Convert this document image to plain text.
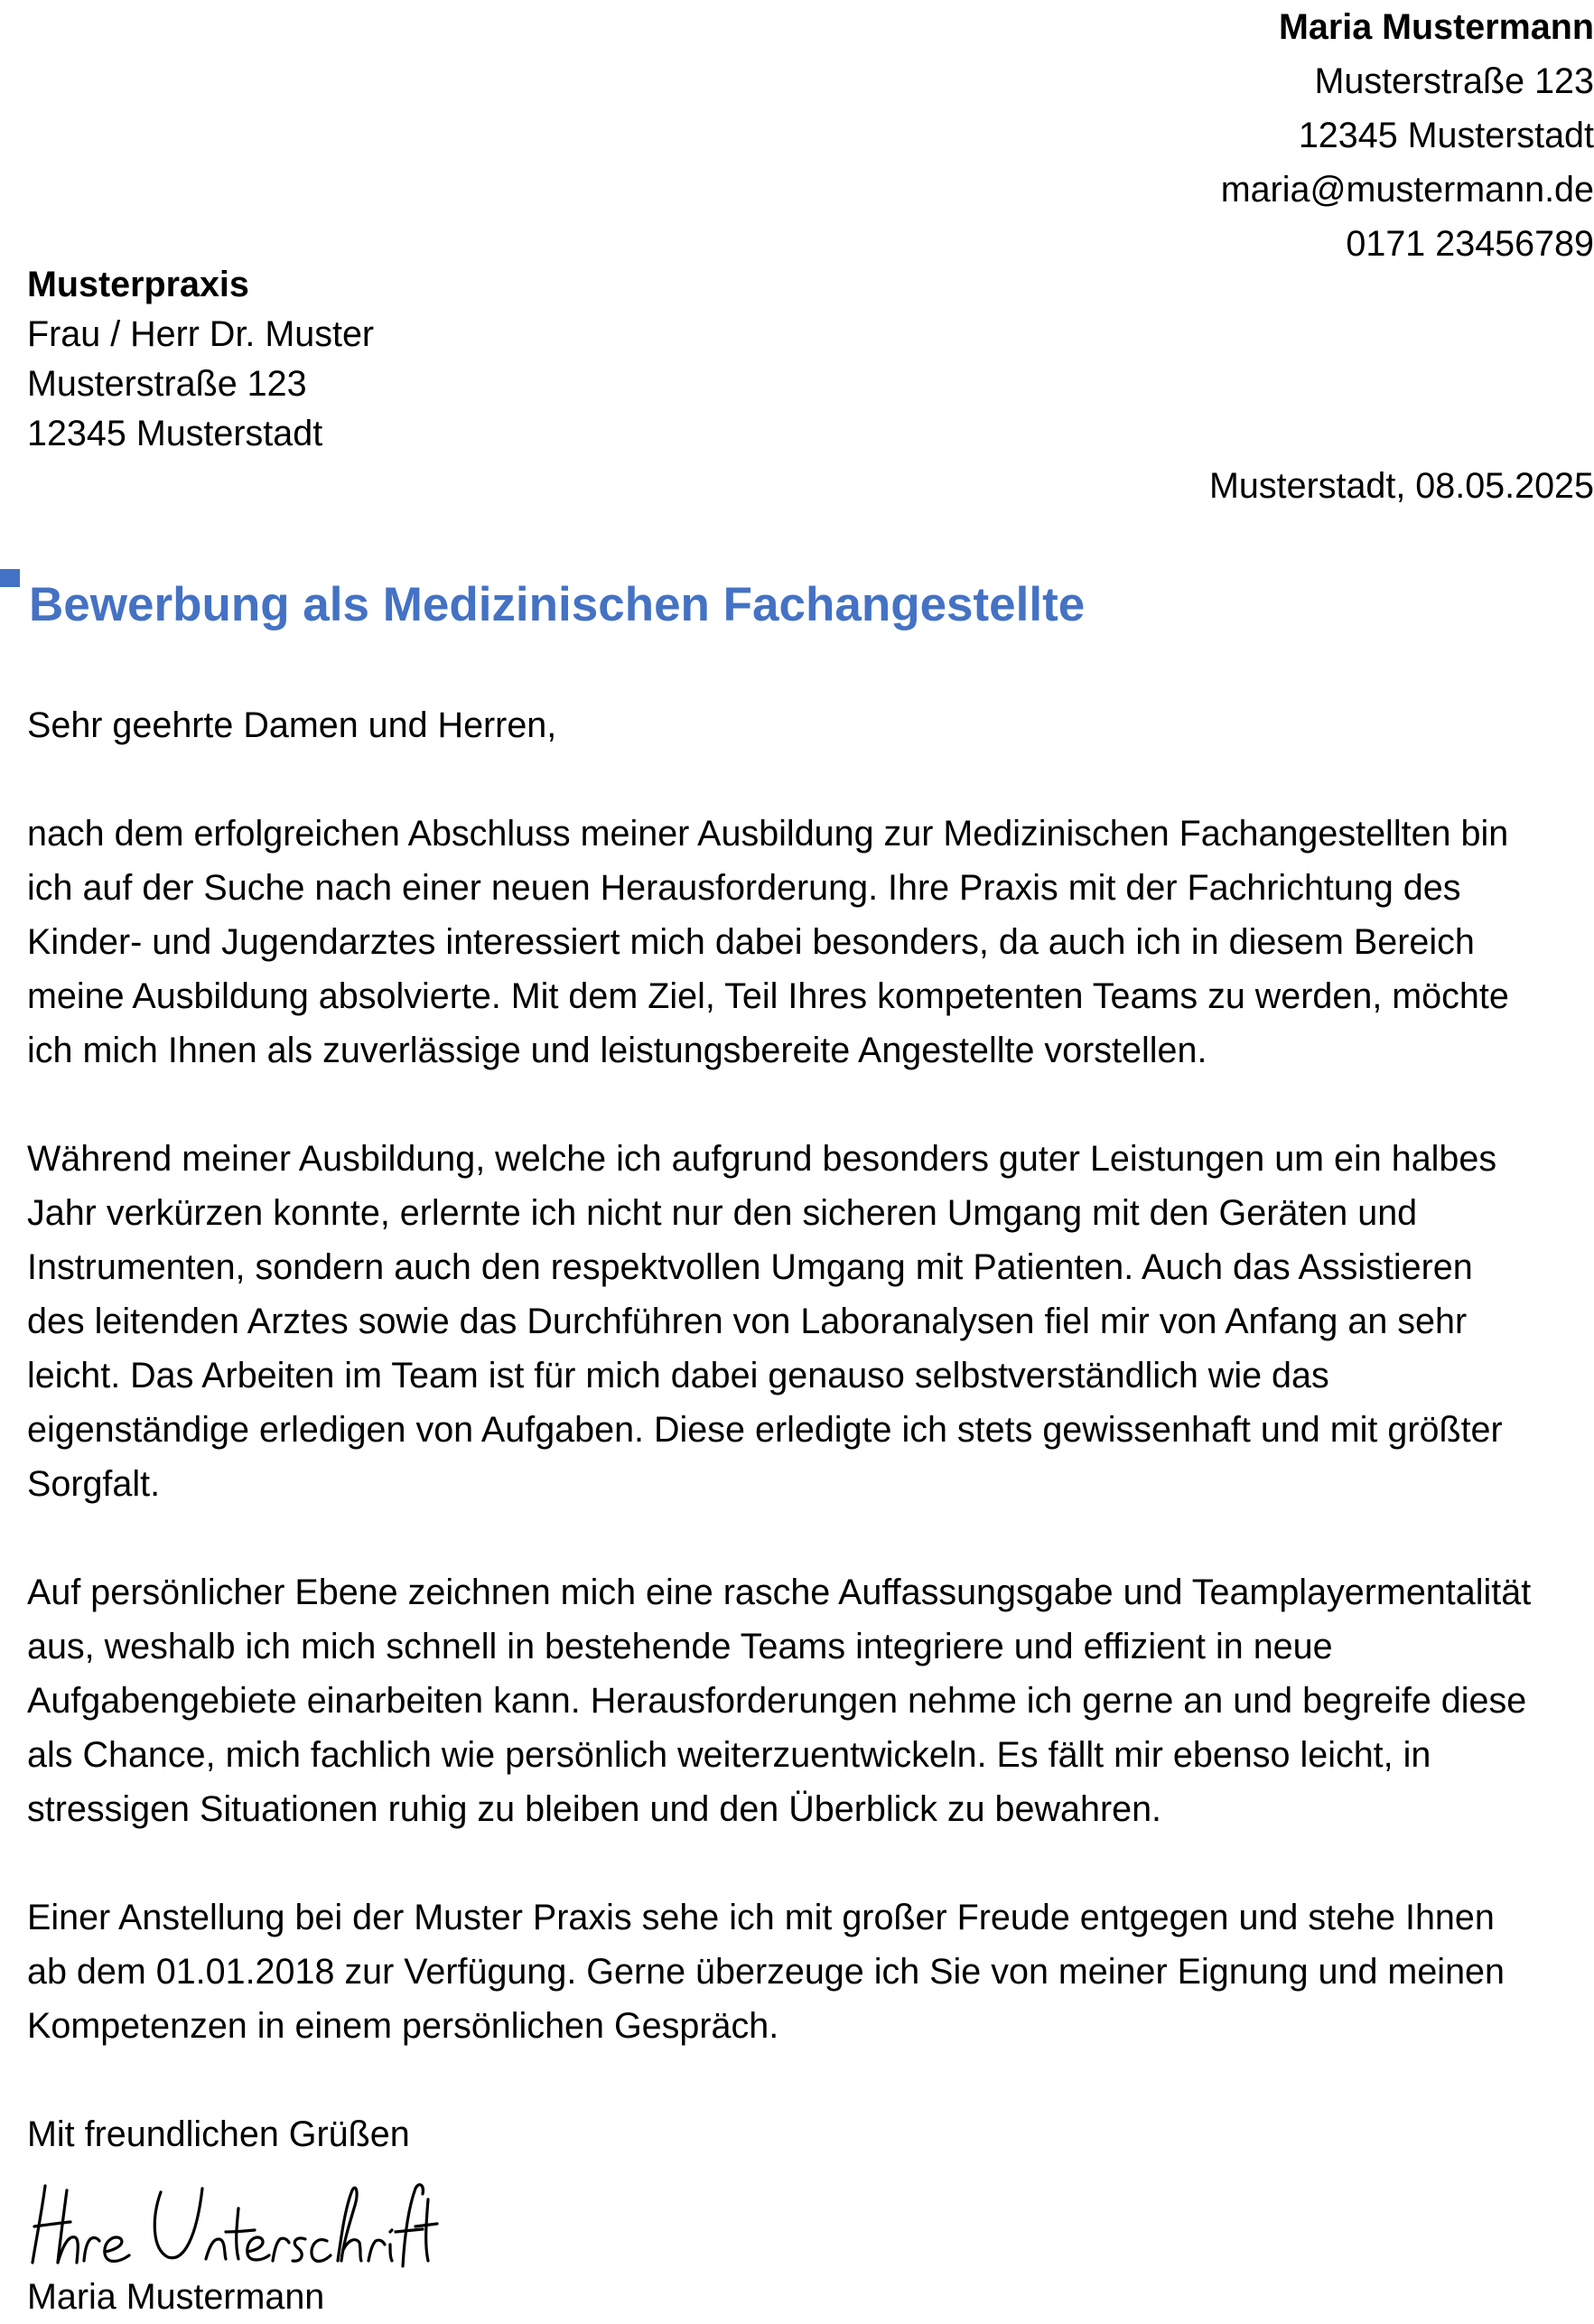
Maria Mustermann
Musterstraße 123
12345 Musterstadt
maria@mustermann.de
0171 23456789
Musterpraxis
Frau / Herr Dr. Muster
Musterstraße 123
12345 Musterstadt
Musterstadt, 08.05.2025
Bewerbung als Medizinischen Fachangestellte
Sehr geehrte Damen und Herren,
nach dem erfolgreichen Abschluss meiner Ausbildung zur Medizinischen Fachangestellten bin
ich auf der Suche nach einer neuen Herausforderung. Ihre Praxis mit der Fachrichtung des
Kinder- und Jugendarztes interessiert mich dabei besonders, da auch ich in diesem Bereich
meine Ausbildung absolvierte. Mit dem Ziel, Teil Ihres kompetenten Teams zu werden, möchte
ich mich Ihnen als zuverlässige und leistungsbereite Angestellte vorstellen.
Während meiner Ausbildung, welche ich aufgrund besonders guter Leistungen um ein halbes
Jahr verkürzen konnte, erlernte ich nicht nur den sicheren Umgang mit den Geräten und
Instrumenten, sondern auch den respektvollen Umgang mit Patienten. Auch das Assistieren
des leitenden Arztes sowie das Durchführen von Laboranalysen fiel mir von Anfang an sehr
leicht. Das Arbeiten im Team ist für mich dabei genauso selbstverständlich wie das
eigenständige erledigen von Aufgaben. Diese erledigte ich stets gewissenhaft und mit größter
Sorgfalt.
Auf persönlicher Ebene zeichnen mich eine rasche Auffassungsgabe und Teamplayermentalität
aus, weshalb ich mich schnell in bestehende Teams integriere und effizient in neue
Aufgabengebiete einarbeiten kann. Herausforderungen nehme ich gerne an und begreife diese
als Chance, mich fachlich wie persönlich weiterzuentwickeln. Es fällt mir ebenso leicht, in
stressigen Situationen ruhig zu bleiben und den Überblick zu bewahren.
Einer Anstellung bei der Muster Praxis sehe ich mit großer Freude entgegen und stehe Ihnen
ab dem 01.01.2018 zur Verfügung. Gerne überzeuge ich Sie von meiner Eignung und meinen
Kompetenzen in einem persönlichen Gespräch.
Mit freundlichen Grüßen
Maria Mustermann
